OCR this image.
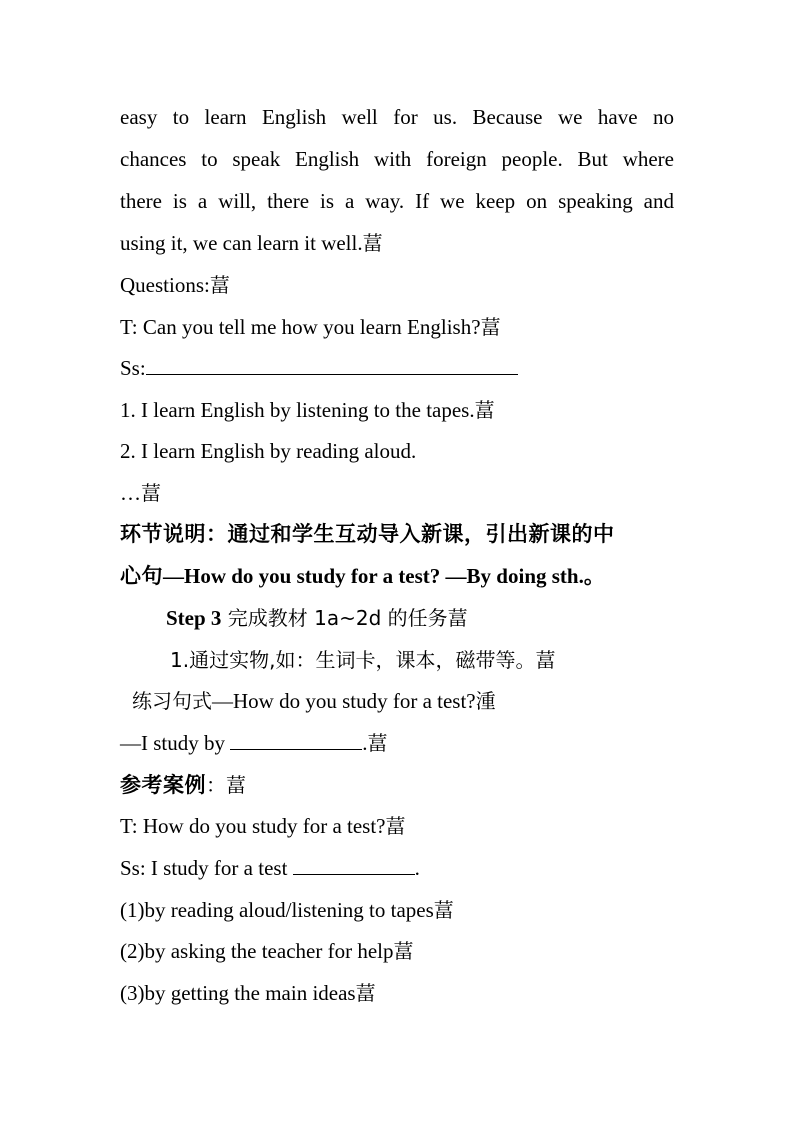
easy to learn English well for us. Because we have no
chances to speak English with foreign people. But where
there is a will, there is a way. If we keep on speaking and
using it, we can learn it well.葍
Questions:葍
T: Can you tell me how you learn English?葍
Ss:
1. I learn English by listening to the tapes.葍
2. I learn English by reading aloud.
…葍
环节说明：通过和学生互动导入新课，引出新课的中
心句—How do you study for a test? —By doing sth.。
Step 3 完成教材 1a~2d 的任务葍
1.通过实物,如：生词卡，课本，磁带等。葍
练习句式—How do you study for a test?湩
—I study by	.葍
参考案例：葍
T: How do you study for a test?葍
Ss: I study for a test	.
(1)by reading aloud/listening to tapes葍
(2)by asking the teacher for help葍
(3)by getting the main ideas葍
